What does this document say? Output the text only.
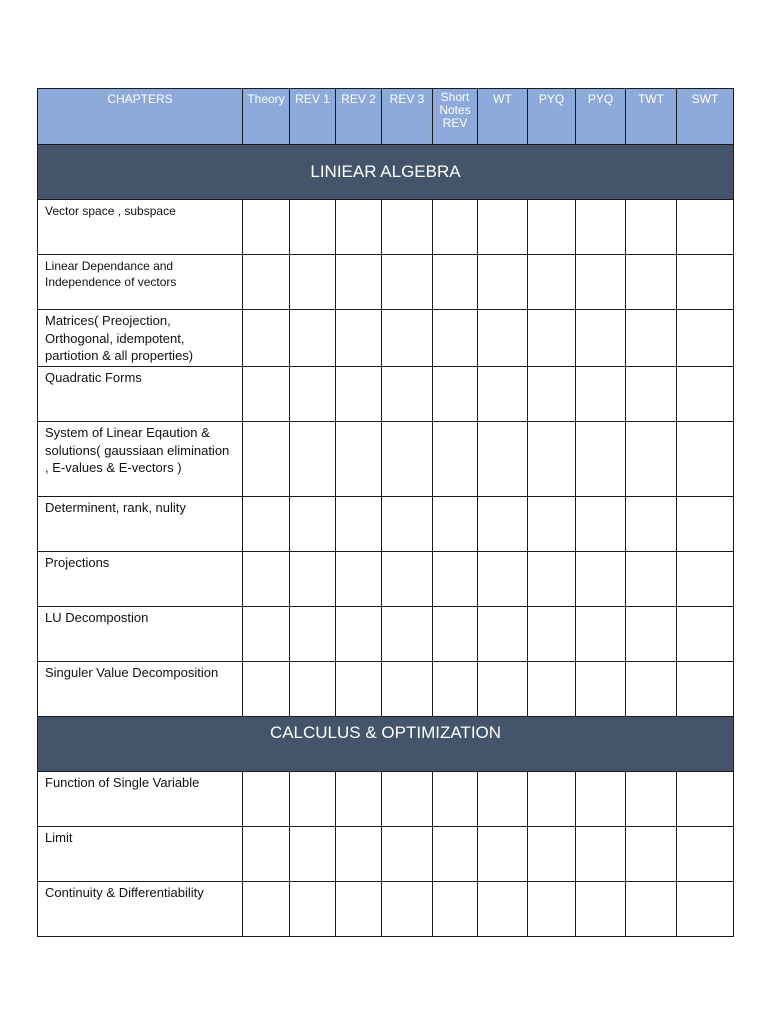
CHAPTERS	Theory	REV 1	REV 2	REV 3	Short Notes REV	WT	PYQ	PYQ	TWT	SWT
LINIEAR ALGEBRA										
Vector space , subspace										
Linear Dependance and Independence of vectors										
Matrices( Preojection, Orthogonal, idempotent, partiotion & all properties)										
Quadratic Forms										
System of Linear Eqaution & solutions( gaussiaan elimination , E-values & E-vectors )										
Determinent, rank, nulity										
Projections										
LU Decompostion										
Singuler Value Decomposition										
CALCULUS & OPTIMIZATION										
Function of Single Variable										
Limit										
Continuity & Differentiability										
